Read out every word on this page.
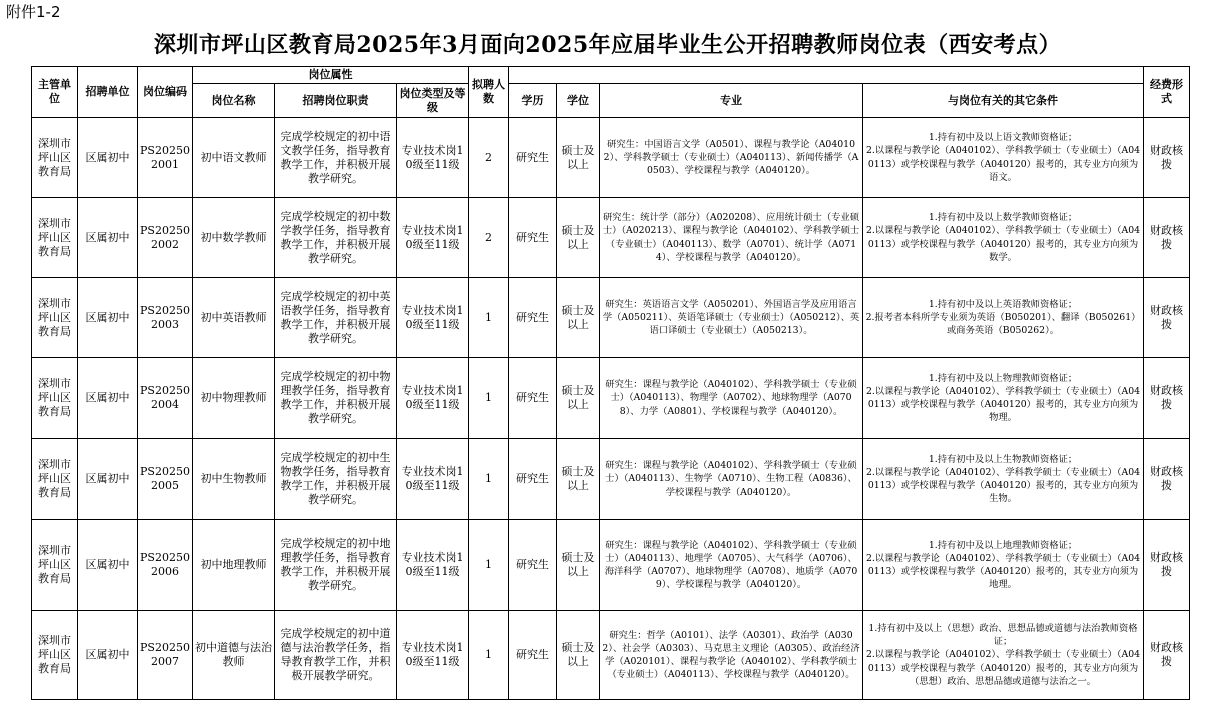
附件1-2
深圳市坪山区教育局2025年3月面向2025年应届毕业生公开招聘教师岗位表（西安考点）
主管单位	招聘单位	岗位编码	岗位属性			拟聘人数					经费形式
			岗位名称	招聘岗位职责	岗位类型及等级		学历	学位	专业	与岗位有关的其它条件	
深圳市坪山区教育局	区属初中	PS202502001	初中语文教师	完成学校规定的初中语文教学任务，指导教育教学工作，并积极开展教学研究。	专业技术岗10级至11级	2	研究生	硕士及以上	研究生：中国语言文学（A0501）、课程与教学论（A040102）、学科教学硕士（专业硕士）（A040113）、新闻传播学（A0503）、学校课程与教学（A040120）。	1.持有初中及以上语文教师资格证；
2.以课程与教学论（A040102）、学科教学硕士（专业硕士）（A040113）或学校课程与教学（A040120）报考的，其专业方向须为语文。	财政核拨
深圳市坪山区教育局	区属初中	PS202502002	初中数学教师	完成学校规定的初中数学教学任务，指导教育教学工作，并积极开展教学研究。	专业技术岗10级至11级	2	研究生	硕士及以上	研究生：统计学（部分）（A020208）、应用统计硕士（专业硕士）（A020213）、课程与教学论（A040102）、学科教学硕士（专业硕士）（A040113）、数学（A0701）、统计学（A0714）、学校课程与教学（A040120）。	1.持有初中及以上数学教师资格证；
2.以课程与教学论（A040102）、学科教学硕士（专业硕士）（A040113）或学校课程与教学（A040120）报考的，其专业方向须为数学。	财政核拨
深圳市坪山区教育局	区属初中	PS202502003	初中英语教师	完成学校规定的初中英语教学任务，指导教育教学工作，并积极开展教学研究。	专业技术岗10级至11级	1	研究生	硕士及以上	研究生：英语语言文学（A050201）、外国语言学及应用语言学（A050211）、英语笔译硕士（专业硕士）（A050212）、英语口译硕士（专业硕士）（A050213）。	1.持有初中及以上英语教师资格证；
2.报考者本科所学专业须为英语（B050201）、翻译（B050261）或商务英语（B050262）。	财政核拨
深圳市坪山区教育局	区属初中	PS202502004	初中物理教师	完成学校规定的初中物理教学任务，指导教育教学工作，并积极开展教学研究。	专业技术岗10级至11级	1	研究生	硕士及以上	研究生：课程与教学论（A040102）、学科教学硕士（专业硕士）（A040113）、物理学（A0702）、地球物理学（A0708）、力学（A0801）、学校课程与教学（A040120）。	1.持有初中及以上物理教师资格证；
2.以课程与教学论（A040102）、学科教学硕士（专业硕士）（A040113）或学校课程与教学（A040120）报考的，其专业方向须为物理。	财政核拨
深圳市坪山区教育局	区属初中	PS202502005	初中生物教师	完成学校规定的初中生物教学任务，指导教育教学工作，并积极开展教学研究。	专业技术岗10级至11级	1	研究生	硕士及以上	研究生：课程与教学论（A040102）、学科教学硕士（专业硕士）（A040113）、生物学（A0710）、生物工程（A0836）、学校课程与教学（A040120）。	1.持有初中及以上生物教师资格证；
2.以课程与教学论（A040102）、学科教学硕士（专业硕士）（A040113）或学校课程与教学（A040120）报考的，其专业方向须为生物。	财政核拨
深圳市坪山区教育局	区属初中	PS202502006	初中地理教师	完成学校规定的初中地理教学任务，指导教育教学工作，并积极开展教学研究。	专业技术岗10级至11级	1	研究生	硕士及以上	研究生：课程与教学论（A040102）、学科教学硕士（专业硕士）（A040113）、地理学（A0705）、大气科学（A0706）、海洋科学（A0707）、地球物理学（A0708）、地质学（A0709）、学校课程与教学（A040120）。	1.持有初中及以上地理教师资格证；
2.以课程与教学论（A040102）、学科教学硕士（专业硕士）（A040113）或学校课程与教学（A040120）报考的，其专业方向须为地理。	财政核拨
深圳市坪山区教育局	区属初中	PS202502007	初中道德与法治教师	完成学校规定的初中道德与法治教学任务，指导教育教学工作，并积极开展教学研究。	专业技术岗10级至11级	1	研究生	硕士及以上	研究生：哲学（A0101）、法学（A0301）、政治学（A0302）、社会学（A0303）、马克思主义理论（A0305）、政治经济学（A020101）、课程与教学论（A040102）、学科教学硕士（专业硕士）（A040113）、学校课程与教学（A040120）。	1.持有初中及以上（思想）政治、思想品德或道德与法治教师资格证；
2.以课程与教学论（A040102）、学科教学硕士（专业硕士）（A040113）或学校课程与教学（A040120）报考的，其专业方向须为（思想）政治、思想品德或道德与法治之一。	财政核拨
